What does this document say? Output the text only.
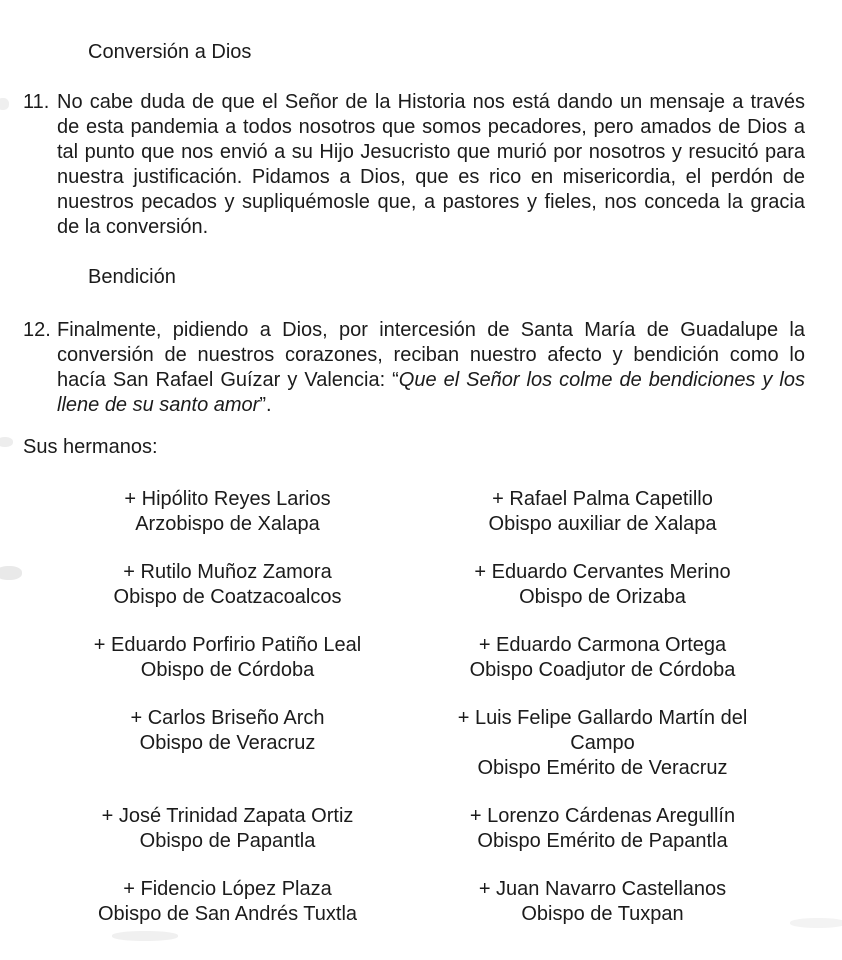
Conversión a Dios
11. No cabe duda de que el Señor de la Historia nos está dando un mensaje a través de esta pandemia a todos nosotros que somos pecadores, pero amados de Dios a tal punto que nos envió a su Hijo Jesucristo que murió por nosotros y resucitó para nuestra justificación. Pidamos a Dios, que es rico en misericordia, el perdón de nuestros pecados y supliquémosle que, a pastores y fieles, nos conceda la gracia de la conversión.
Bendición
12. Finalmente, pidiendo a Dios, por intercesión de Santa María de Guadalupe la conversión de nuestros corazones, reciban nuestro afecto y bendición como lo hacía San Rafael Guízar y Valencia: “Que el Señor los colme de bendiciones y los llene de su santo amor”.
Sus hermanos:
+ Hipólito Reyes Larios
Arzobispo de Xalapa
+ Rafael Palma Capetillo
Obispo auxiliar de Xalapa
+ Rutilo Muñoz Zamora
Obispo de Coatzacoalcos
+ Eduardo Cervantes Merino
Obispo de Orizaba
+ Eduardo Porfirio Patiño Leal
Obispo de Córdoba
+ Eduardo Carmona Ortega
Obispo Coadjutor de Córdoba
+ Carlos Briseño Arch
Obispo de Veracruz
+ Luis Felipe Gallardo Martín del Campo
Obispo Emérito de Veracruz
+ José Trinidad Zapata Ortiz
Obispo de Papantla
+ Lorenzo Cárdenas Aregullín
Obispo Emérito de Papantla
+ Fidencio López Plaza
Obispo de San Andrés Tuxtla
+ Juan Navarro Castellanos
Obispo de Tuxpan
